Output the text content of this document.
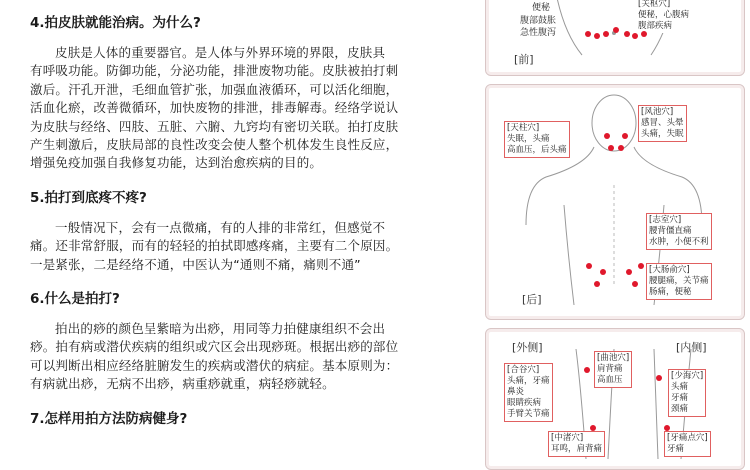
4.拍皮肤就能治病。为什么?

皮肤是人体的重要器官。是人体与外界环境的界限，皮肤具

有呼吸功能。防御功能，分泌功能，排泄废物功能。皮肤被拍打刺

激后。汗孔开泄，毛细血管扩张，加强血液循环，可以活化细胞，

活血化瘀，改善微循环，加快废物的排泄，排毒解毒。经络学说认

为皮肤与经络、四肢、五脏、六腑、九窍均有密切关联。拍打皮肤

产生刺激后，皮肤局部的良性改变会使人整个机体发生良性反应，

增强免疫加强自我修复功能，达到治愈疾病的目的。

5.拍打到底疼不疼?

一般情况下，会有一点微痛，有的人排的非常红，但感觉不

痛。还非常舒服，而有的轻轻的拍拭即感疼痛，主要有二个原因。

一是紧张，二是经络不通，中医认为“通则不痛，痛则不通”

6.什么是拍打?

拍出的痧的颜色呈紫暗为出痧，用同等力拍健康组织不会出

痧。拍有病或潜伏疾病的组织或穴区会出现痧斑。根据出痧的部位

可以判断出相应经络脏腑发生的疾病或潜伏的病症。基本原则为：

有病就出痧，无病不出痧，病重痧就重，病轻痧就轻。

7.怎样用拍方法防病健身?
便秘
腹部鼓胀
急性腹泻
[关枢穴]
便秘，心腹病
腹部疾病
[前]
[天柱穴]
失眠，头痛
高血压，后头痛
[风池穴]
感冒、头晕
头痛，失眠
[志室穴]
腰背僵直痛
水肿，小便不利
[大肠俞穴]
腰腿痛，关节痛
肠痛，便秘
[后]
[外侧]	[内侧]
[合谷穴]
头痛，牙痛
鼻炎
眼睛疾病
手臂关节痛
[曲池穴]
肩背痛
高血压	[少海穴]
头痛
牙痛
颈痛
[中渚穴]
耳鸣，肩背痛
[牙痛点穴]
牙痛
